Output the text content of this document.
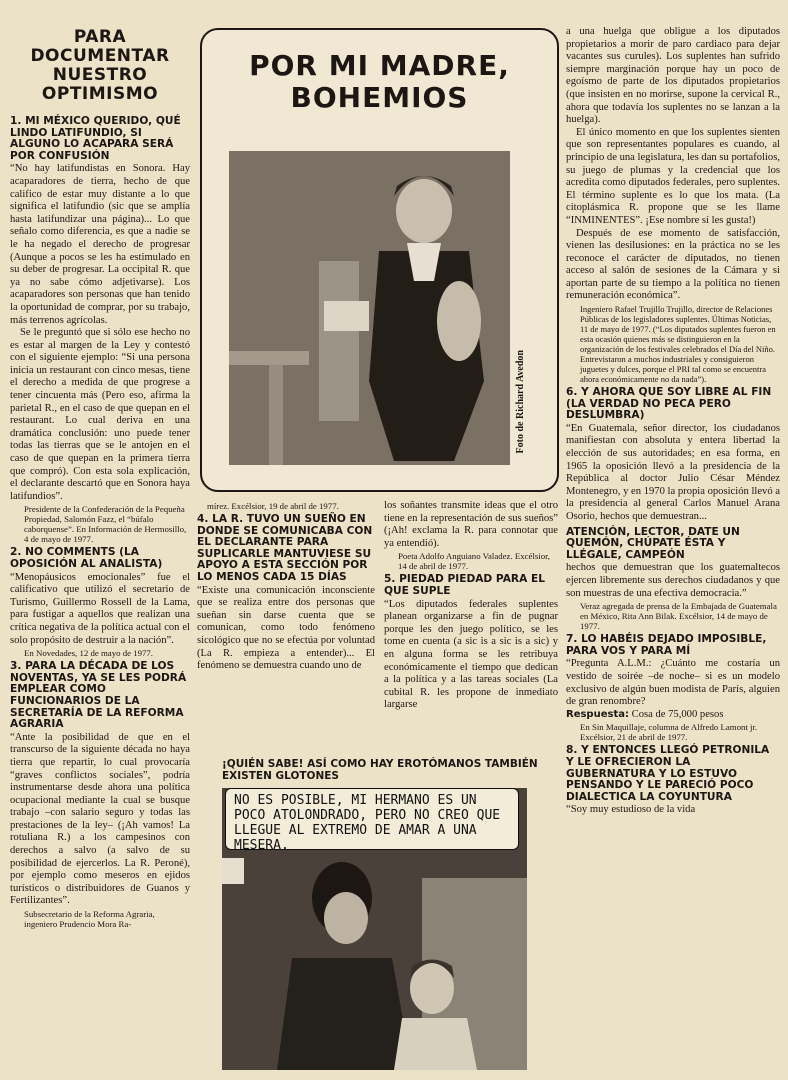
PARA DOCUMENTAR NUESTRO OPTIMISMO
1. MI MÉXICO QUERIDO, QUÉ LINDO LATIFUNDIO, SI ALGUNO LO ACAPARA SERÁ POR CONFUSIÓN

“No hay latifundistas en Sonora. Hay acaparadores de tierra, hecho de que califico de estar muy distante a lo que significa el latifundio (sic que se amplía hasta latifundizar una página)... Lo que señalo como diferencia, es que a nadie se le ha negado el derecho de progresar (Aunque a pocos se les ha estimulado en su deber de progresar. La occipital R. que ya no sabe cómo adjetivarse). Los acaparadores son personas que han tenido la oportunidad de comprar, por su trabajo, más terrenos agrícolas.

Se le preguntó que si sólo ese hecho no es estar al margen de la Ley y contestó con el siguiente ejemplo: “Si una persona inicia un restaurant con cinco mesas, tiene el derecho a medida de que progrese a tener cincuenta más (Pero eso, afirma la parietal R., en el caso de que quepan en el restaurant. Lo cual deriva en una dramática conclusión: uno puede tener todas las tierras que se le antojen en el caso de que quepan en la primera tierra que compró). Con esta sola explicación, el declarante descartó que en Sonora haya latifundios”.

Presidente de la Confederación de la Pequeña Propiedad, Salomón Fazz, el “búfalo caborquense”. En Información de Hermosillo, 4 de mayo de 1977.

2. NO COMMENTS (LA OPOSICIÓN AL ANALISTA)

“Menopáusicos emocionales” fue el calificativo que utilizó el secretario de Turismo, Guillermo Rossell de la Lama, para fustigar a aquellos que realizan una crítica negativa de la política actual con el solo propósito de destruir a la nación”.

En Novedades, 12 de mayo de 1977.

3. PARA LA DÉCADA DE LOS NOVENTAS, YA SE LES PODRÁ EMPLEAR COMO FUNCIONARIOS DE LA SECRETARÍA DE LA REFORMA AGRARIA

“Ante la posibilidad de que en el transcurso de la siguiente década no haya tierra que repartir, lo cual provocaría “graves conflictos sociales”, podría instrumentarse desde ahora una política ocupacional mediante la cual se busque trabajo –con salario seguro y todas las prestaciones de la ley– (¡Ah vamos! La rotuliana R.) a los campesinos con derechos a salvo (a salvo de su posibilidad de ejercerlos. La R. Peroné), por ejemplo como meseros en ejidos turísticos o distribuidores de Guanos y Fertilizantes”.

Subsecretario de la Reforma Agraria, ingeniero Prudencio Mora Ra-

POR MI MADRE, BOHEMIOS
Foto de Richard Avedon

mírez. Excélsior, 19 de abril de 1977.

4. LA R. TUVO UN SUEÑO EN DONDE SE COMUNICABA CON EL DECLARANTE PARA SUPLICARLE MANTUVIESE SU APOYO A ESTA SECCIÓN POR LO MENOS CADA 15 DÍAS

“Existe una comunicación inconsciente que se realiza entre dos personas que sueñan sin darse cuenta que se comunican, como todo fenómeno sicológico que no se efectúa por voluntad (La R. empieza a entender)... El fenómeno se demuestra cuando uno de

los soñantes transmite ideas que el otro tiene en la representación de sus sueños” (¡Ah! exclama la R. para connotar que ya entendió).

Poeta Adolfo Anguiano Valadez. Excélsior, 14 de abril de 1977.

5. PIEDAD PIEDAD PARA EL QUE SUPLE

“Los diputados federales suplentes planean organizarse a fin de pugnar porque les den juego político, se les tome en cuenta (a sic is a sic is a sic) y en alguna forma se les retribuya económicamente el tiempo que dedican a la política y a las tareas sociales (La cubital R. les propone de inmediato largarse

¡QUIÉN SABE! ASÍ COMO HAY EROTÓMANOS TAMBIÉN EXISTEN GLOTONES
NO ES POSIBLE, MI HERMANO ES UN POCO ATOLONDRADO, PERO NO CREO QUE LLEGUE AL EXTREMO DE AMAR A UNA MESERA.

a una huelga que obligue a los diputados propietarios a morir de paro cardiaco para dejar vacantes sus curules). Los suplentes han sufrido siempre marginación porque hay un poco de egoísmo de parte de los diputados propietarios (que insisten en no morirse, supone la cervical R., ahora que todavía los suplentes no se lanzan a la huelga).

El único momento en que los suplentes sienten que son representantes populares es cuando, al principio de una legislatura, les dan su portafolios, su juego de plumas y la credencial que los acredita como diputados federales, pero suplentes. El término suplente es lo que los mata. (La citoplásmica R. propone que se les llame “INMINENTES”. ¡Ese nombre sí les gusta!)

Después de ese momento de satisfacción, vienen las desilusiones: en la práctica no se les reconoce el carácter de diputados, no tienen acceso al salón de sesiones de la Cámara y si aportan parte de su tiempo a la política no tienen remuneración económica”.

Ingeniero Rafael Trujillo Trujillo, director de Relaciones Públicas de los legisladores suplentes. Últimas Noticias, 11 de mayo de 1977. (“Los diputados suplentes fueron en esta ocasión quienes más se distinguieron en la organización de los festivales celebrados el Día del Niño. Entrevistaron a muchos industriales y consiguieron juguetes y dulces, porque el PRI tal como se encuentra ahora económicamente no da nada”).

6. Y AHORA QUE SOY LIBRE AL FIN (LA VERDAD NO PECA PERO DESLUMBRA)

“En Guatemala, señor director, los ciudadanos manifiestan con absoluta y entera libertad la elección de sus autoridades; en esa forma, en 1965 la oposición llevó a la presidencia de la República al doctor Julio César Méndez Montenegro, y en 1970 la propia oposición llevó a la presidencia al general Carlos Manuel Arana Osorio, hechos que demuestran...

ATENCIÓN, LECTOR, DATE UN QUEMÓN, CHÚPATE ÉSTA Y LLÉGALE, CAMPEÓN

hechos que demuestran que los guatemaltecos ejercen libremente sus derechos ciudadanos y que son muestras de una efectiva democracia.”

Veraz agregada de prensa de la Embajada de Guatemala en México, Rita Ann Bilak. Excélsior, 14 de mayo de 1977.

7. LO HABÉIS DEJADO IMPOSIBLE, PARA VOS Y PARA MÍ

“Pregunta A.L.M.: ¿Cuánto me costaría un vestido de soirée –de noche– si es un modelo exclusivo de algún buen modista de París, alguien de gran renombre?

Respuesta: Cosa de 75,000 pesos

En Sin Maquillaje, columna de Alfredo Lamont jr. Excélsior, 21 de abril de 1977.

8. Y ENTONCES LLEGÓ PETRONILA Y LE OFRECIERON LA GUBERNATURA Y LO ESTUVO PENSANDO Y LE PARECIÓ POCO DIALECTICA LA COYUNTURA

“Soy muy estudioso de la vida
